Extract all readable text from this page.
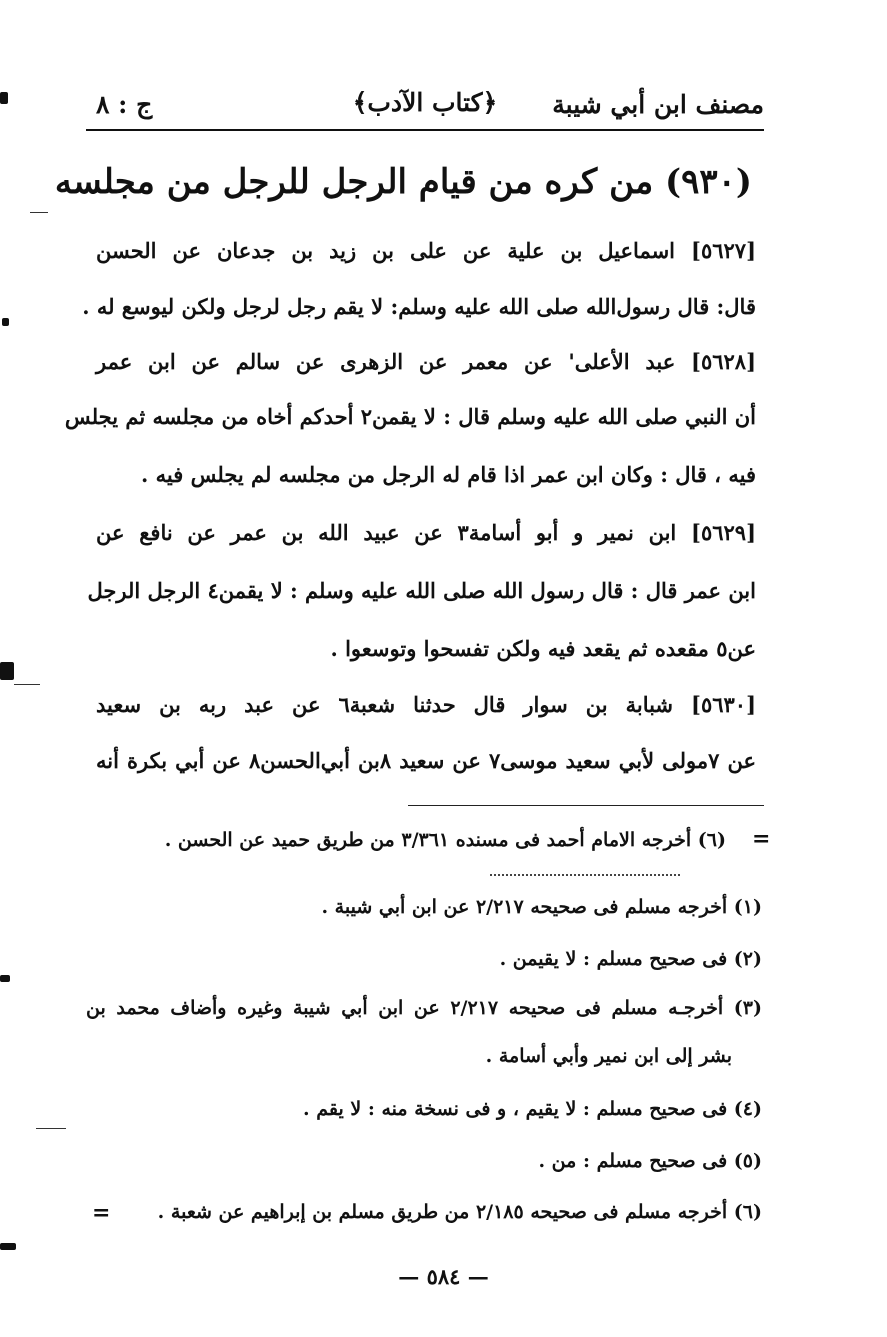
مصنف ابن أبي شيبة
﴿كتاب الآدب﴾
ج : ٨
(٩٣٠) من كره من قيام الرجل للرجل من مجلسه
[٥٦٢٧] اسماعيل بن علية عن على بن زيد بن جدعان عن الحسن
قال: قال رسول‌الله صلى الله عليه وسلم: لا يقم رجل لرجل ولكن ليوسع له .
[٥٦٢٨] عبد الأعلى' عن معمر عن الزهرى عن سالم عن ابن عمر
أن النبي صلى الله عليه وسلم قال : لا يقمن٢ أحدكم أخاه من مجلسه ثم يجلس
فيه ، قال : وكان ابن عمر اذا قام له الرجل من مجلسه لم يجلس فيه .
[٥٦٢٩] ابن نمير و أبو أسامة٣ عن عبيد الله بن عمر عن نافع عن
ابن عمر قال : قال رسول الله صلى الله عليه وسلم : لا يقمن٤ الرجل الرجل
عن٥ مقعده ثم يقعد فيه ولكن تفسحوا وتوسعوا .
[٥٦٣٠] شبابة بن سوار قال حدثنا شعبة٦ عن عبد ربه بن سعيد
عن ٧مولى لأبي سعيد موسى٧ عن سعيد ٨بن أبي‌الحسن٨ عن أبي بكرة أنه
(٦) أخرجه الامام أحمد فى مسنده ٣/٣٦١ من طريق حميد عن الحسن . =
(١) أخرجه مسلم فى صحيحه ٢/٢١٧ عن ابن أبي شيبة .
(٢) فى صحيح مسلم : لا يقيمن .
(٣) أخرجـه مسلم فى صحيحه ٢/٢١٧ عن ابن أبي شيبة وغيره وأضاف محمد بن
بشر إلى ابن نمير وأبي أسامة .
(٤) فى صحيح مسلم : لا يقيم ، و فى نسخة منه : لا يقم .
(٥) فى صحيح مسلم : من .
(٦) أخرجه مسلم فى صحيحه ٢/١٨٥ من طريق مسلم بن إبراهيم عن شعبة .
=
— ٥٨٤ —
